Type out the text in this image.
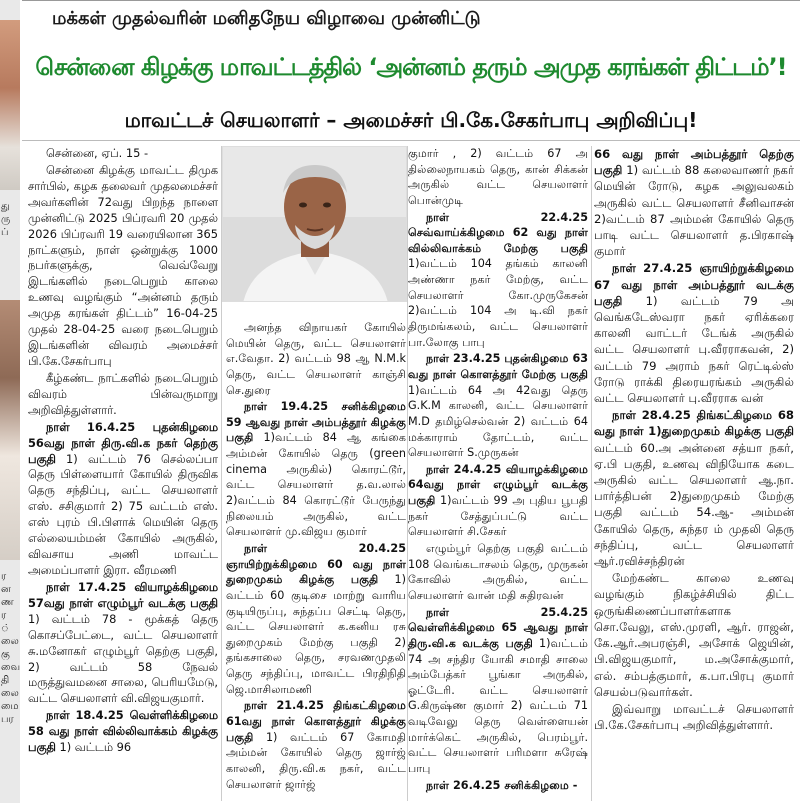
து
ரு
ப்
ர
ன
ண
ர
்
லை
கு
வை
தி
லை
மை
பர
மக்கள் முதல்வரின் மனிதநேய விழாவை முன்னிட்டு
சென்னை கிழக்கு மாவட்டத்தில் ‘அன்னம் தரும் அமுத கரங்கள் திட்டம்’!
மாவட்டச் செயலாளர் – அமைச்சர் பி.கே.சேகர்பாபு அறிவிப்பு!

சென்னை, ஏப். 15 -

சென்னை கிழக்கு மாவட்ட திமுக சார்பில், கழக தலைவர் முதலமைச்சர் அவர்களின் 72வது பிறந்த நாளை முன்னிட்டு 2025 பிப்ரவரி 20 முதல் 2026 பிப்ரவரி 19 வரையிலான 365 நாட்களும், நாள் ஒன்றுக்கு 1000 நபர்களுக்கு, வெவ்வேறு இடங்களில் நடைபெறும் காலை உணவு வழங்கும் “அன்னம் தரும் அமுத கரங்கள் திட்டம்” 16-04-25 முதல் 28-04-25 வரை நடைபெறும் இடங்களின் விவரம் அமைச்சர் பி.கே.சேகர்பாபு

கீழ்கண்ட நாட்களில் நடைபெறும் விவரம் பின்வருமாறு அறிவித்துள்ளார்.

நாள் 16.4.25 புதன்கிழமை 56வது நாள் திரு.வி.க நகர் தெற்கு பகுதி 1) வட்டம் 76 செல்லப்பா தெரு பிள்ளையார் கோயில் திருவிக தெரு சந்திப்பு, வட்ட செயலாளர் எஸ். சசிகுமார் 2) 75 வட்டம் எஸ். எஸ் புரம் பி.பிளாக் மெயின் தெரு எல்லையம்மன் கோயில் அருகில், விவசாய அணி மாவட்ட அமைப்பாளர் இரா. வீரமணி

நாள் 17.4.25 வியாழக்கிழமை 57வது நாள் எழும்பூர் வடக்கு பகுதி 1) வட்டம் 78 - மூக்கத் தெரு கொசப்பேட்டை, வட்ட செயலாளர் சு.மனோகர் எழும்பூர் தெற்கு பகுதி, 2) வட்டம் 58 நேவல் மருத்துவமனை சாலை, பெரியமேடு, வட்ட செயலாளர் வி.விஜயகுமார்.

நாள் 18.4.25 வெள்ளிக்கிழமை 58 வது நாள் வில்லிவாக்கம் கிழக்கு பகுதி 1) வட்டம் 96

அனந்த விநாயகர் கோயில் மெயின் தெரு, வட்ட செயலாளர் எ.வேதா. 2) வட்டம் 98 ஆ N.M.k தெரு, வட்ட செயலாளர் காஞ்சி செ.துரை

நாள் 19.4.25 சனிக்கிழமை 59 ஆவது நாள் அம்பத்தூர் கிழக்கு பகுதி 1)வட்டம் 84 ஆ கங்கை அம்மன் கோயில் தெரு (green cinema அருகில்) கொரட்டூர், வட்ட செயலாளர் த.வ.லால் 2)வட்டம் 84 கொரட்டூர் பேருந்து நிலையம் அருகில், வட்ட செயலாளர் மு.விஜய குமார்

நாள் 20.4.25 ஞாயிற்றுக்கிழமை 60 வது நாள் துறைமுகம் கிழக்கு பகுதி 1) வட்டம் 60 குடிசை மாற்று வாரிய குடியிருப்பு, சுந்தப்ப செட்டி தெரு, வட்ட செயலாளர் க.கனிய ரசு துறைமுகம் மேற்கு பகுதி 2) தங்கசாலை தெரு, சரவணமுதலி தெரு சந்திப்பு, மாவட்ட பிரதிநிதி ஜெ.மாசிலாமணி

நாள் 21.4.25 திங்கட்கிழமை 61வது நாள் கொளத்தூர் கிழக்கு பகுதி 1) வட்டம் 67 கோமதி அம்மன் கோயில் தெரு ஜார்ஜ் காலனி, திரு.வி.க நகர், வட்ட செயலாளர் ஜார்ஜ்

குமார் , 2) வட்டம் 67 அ தில்லைநாயகம் தெரு, கான் சிக்கன் அருகில் வட்ட செயலாளர் பொன்முடி

நாள் 22.4.25 செவ்வாய்க்கிழமை 62 வது நாள் வில்லிவாக்கம் மேற்கு பகுதி 1)வட்டம் 104 தங்கம் காலனி அண்ணா நகர் மேற்கு, வட்ட செயலாளர் கோ.முருகேசன் 2)வட்டம் 104 அ டி.வி நகர் திருமங்கலம், வட்ட செயலாளர் பா.லோகு பாபு

நாள் 23.4.25 புதன்கிழமை 63 வது நாள் கொளத்தூர் மேற்கு பகுதி 1)வட்டம் 64 அ 42வது தெரு G.K.M காலனி, வட்ட செயலாளர் M.D தமிழ்செல்வன் 2) வட்டம் 64 மக்காராம் தோட்டம், வட்ட செயலாளர் S.முருகன்

நாள் 24.4.25 வியாழக்கிழமை 64வது நாள் எழும்பூர் வடக்கு பகுதி 1)வட்டம் 99 அ புதிய பூபதி நகர் சேத்துப்பட்டு வட்ட செயலாளர் சி.சேகர்

எழும்பூர் தெற்கு பகுதி வட்டம் 108 வெங்கடாசலம் தெரு, முருகன் கோவில் அருகில், வட்ட செயலாளர் வான் மதி சுதிரவன்

நாள் 25.4.25 வெள்ளிக்கிழமை 65 ஆவது நாள் திரு.வி.க வடக்கு பகுதி 1)வட்டம் 74 அ சந்திர யோகி சமாதி சாலை அம்பேத்கர் பூங்கா அருகில், ஓட்டேரி. வட்ட செயலாளர் G.கிருஷ்ண குமார் 2) வட்டம் 71 வடிவேலு தெரு வெள்ளையன் மார்க்கெட் அருகில், பெரம்பூர். வட்ட செயலாளர் பரிமளா சுரேஷ் பாபு

நாள் 26.4.25 சனிக்கிழமை -

66 வது நாள் அம்பத்தூர் தெற்கு பகுதி 1) வட்டம் 88 கலைவாணர் நகர் மெயின் ரோடு, கழக அலுவலகம் அருகில் வட்ட செயலாளர் சீனிவாசன் 2)வட்டம் 87 அம்மன் கோயில் தெரு பாடி வட்ட செயலாளர் த.பிரகாஷ் குமார்

நாள் 27.4.25 ஞாயிற்றுக்கிழமை 67 வது நாள் அம்பத்தூர் வடக்கு பகுதி 1) வட்டம் 79 அ வெங்கடேஸ்வரா நகர் ஏரிக்கரை காலனி வாட்டர் டேங்க் அருகில் வட்ட செயலாளர் பு.வீரராகவன், 2) வட்டம் 79 அராம் நகர் ரெட்டில்ஸ் ரோடு ராக்கி திரையரங்கம் அருகில் வட்ட செயலாளர் பு.வீரராக வன்

நாள் 28.4.25 திங்கட்கிழமை 68 வது நாள் 1)துறைமுகம் கிழக்கு பகுதி வட்டம் 60.அ அன்னை சத்யா நகர், ஏ.பி பகுதி, உணவு விநியோக கடை அருகில் வட்ட செயலாளர் ஆ.நா. பார்த்திபன் 2)துறைமுகம் மேற்கு பகுதி வட்டம் 54.ஆ- அம்மன் கோயில் தெரு, சுந்தர ம் முதலி தெரு சந்திப்பு, வட்ட செயலாளர் ஆர்.ரவிச்சந்திரன்

மேற்கண்ட காலை உணவு வழங்கும் நிகழ்ச்சியில் திட்ட ஒருங்கிணைப்பாளர்களாக சொ.வேலு, எஸ்.முரளி, ஆர். ராஜன், கே.ஆர்.அபரஞ்சி, அசோக் ஜெயின், பி.விஜயகுமார், ம.அசோக்குமார், எல். சம்பத்குமார், க.பா.பிரபு குமார் செயல்படுவார்கள்.

இவ்வாறு மாவட்டச் செயலாளர் பி.கே.சேகர்பாபு அறிவித்துள்ளார்.
